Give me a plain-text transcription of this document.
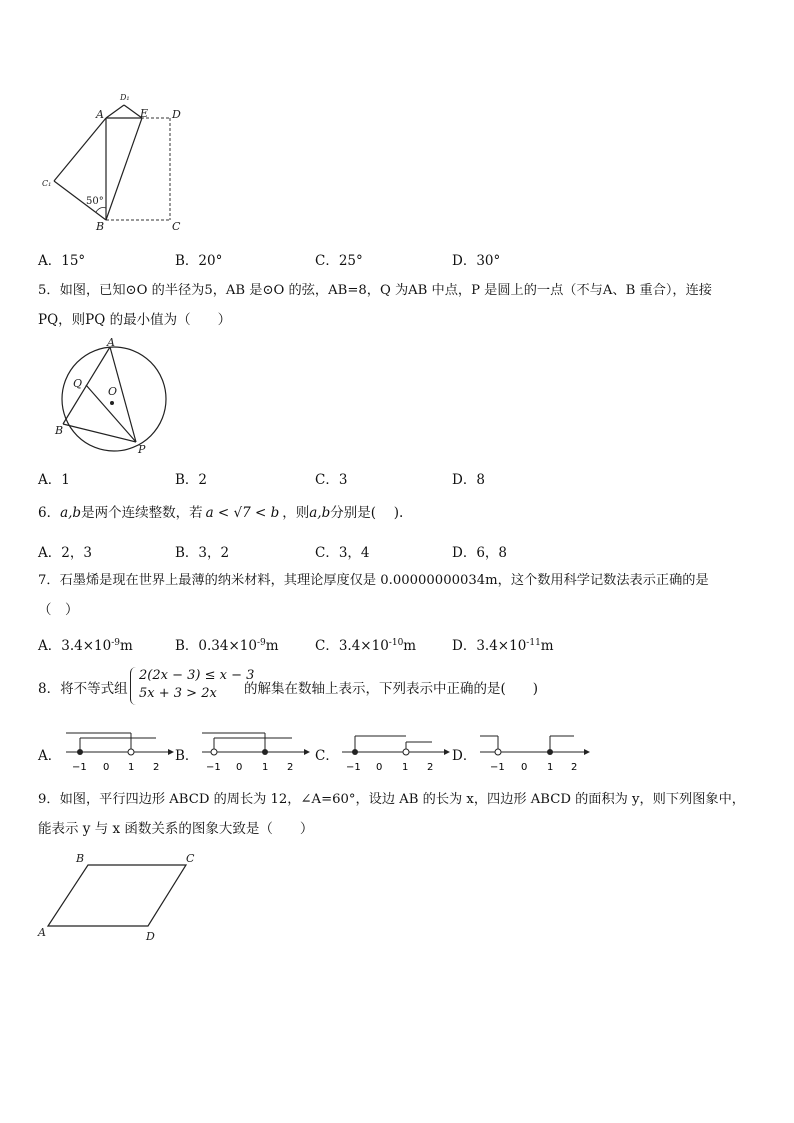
A
D₁
E D
C₁
B	C
50°
A．15°	B．20°	C．25°	D．30°
5．如图，已知⊙O 的半径为5，AB 是⊙O 的弦，AB=8，Q 为AB 中点，P 是圆上的一点（不与A、B 重合），连接
PQ，则PQ 的最小值为（　　）
A
Q
O
B
P
A．1	B．2	C．3	D．8
6．a,b是两个连续整数，若 a < √7 < b ，则a,b分别是(　 ).
A．2，3	B．3，2	C．3，4	D．6，8
7．石墨烯是现在世界上最薄的纳米材料，其理论厚度仅是 0.00000000034m，这个数用科学记数法表示正确的是
（　）
A．$3.4\times 10^{-9}m$	B．$0.34\times 10^{-9}m$	C．$3.4\times 10^{-10}m$	D．$3.4\times 10^{-11}m$
8．将不等式组
2(2x − 3) ≤ x − 3
5x + 3 > 2x	的解集在数轴上表示，下列表示中正确的是(　　)
A．	B．	C．	D．
−1 0 1 2	−1 0 1 2	−1 0 1 2	−1 0 1 2
9．如图，平行四边形 ABCD 的周长为 12，∠A=60°，设边 AB 的长为 x，四边形 ABCD 的面积为 y，则下列图象中，
能表示 y 与 x 函数关系的图象大致是（　　）
B	C
A	D
